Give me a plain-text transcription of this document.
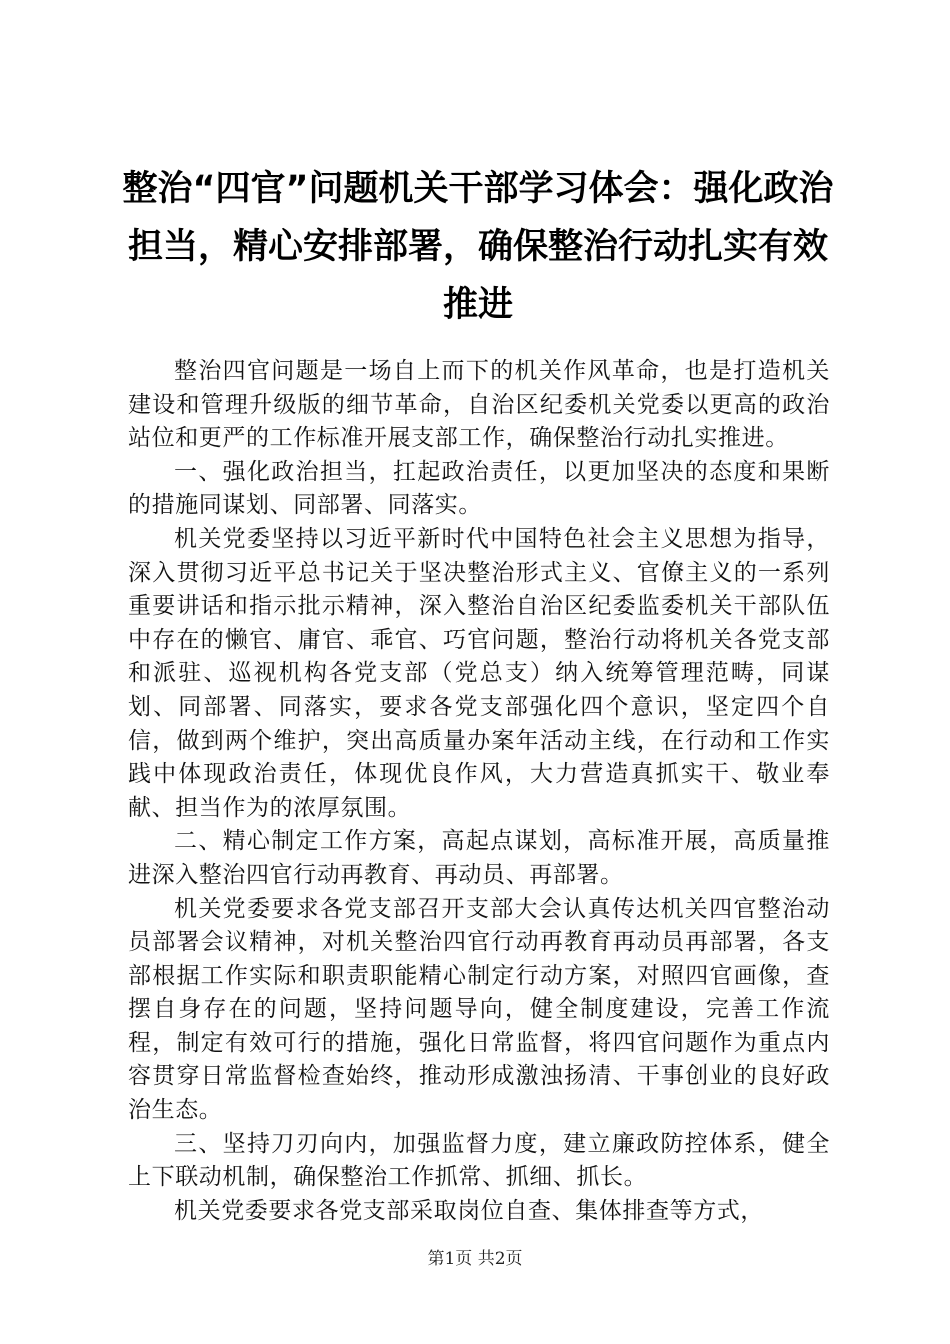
整治“四官”问题机关干部学习体会：强化政治担当，精心安排部署，确保整治行动扎实有效推进

整治四官问题是一场自上而下的机关作风革命，也是打造机关建设和管理升级版的细节革命，自治区纪委机关党委以更高的政治站位和更严的工作标准开展支部工作，确保整治行动扎实推进。

一、强化政治担当，扛起政治责任，以更加坚决的态度和果断的措施同谋划、同部署、同落实。

机关党委坚持以习近平新时代中国特色社会主义思想为指导，深入贯彻习近平总书记关于坚决整治形式主义、官僚主义的一系列重要讲话和指示批示精神，深入整治自治区纪委监委机关干部队伍中存在的懒官、庸官、乖官、巧官问题，整治行动将机关各党支部和派驻、巡视机构各党支部（党总支）纳入统筹管理范畴，同谋划、同部署、同落实，要求各党支部强化四个意识，坚定四个自信，做到两个维护，突出高质量办案年活动主线，在行动和工作实践中体现政治责任，体现优良作风，大力营造真抓实干、敬业奉献、担当作为的浓厚氛围。

二、精心制定工作方案，高起点谋划，高标准开展，高质量推进深入整治四官行动再教育、再动员、再部署。

机关党委要求各党支部召开支部大会认真传达机关四官整治动员部署会议精神，对机关整治四官行动再教育再动员再部署，各支部根据工作实际和职责职能精心制定行动方案，对照四官画像，查摆自身存在的问题，坚持问题导向，健全制度建设，完善工作流程，制定有效可行的措施，强化日常监督，将四官问题作为重点内容贯穿日常监督检查始终，推动形成激浊扬清、干事创业的良好政治生态。

三、坚持刀刃向内，加强监督力度，建立廉政防控体系，健全上下联动机制，确保整治工作抓常、抓细、抓长。

机关党委要求各党支部采取岗位自查、集体排查等方式，

第1页 共2页
